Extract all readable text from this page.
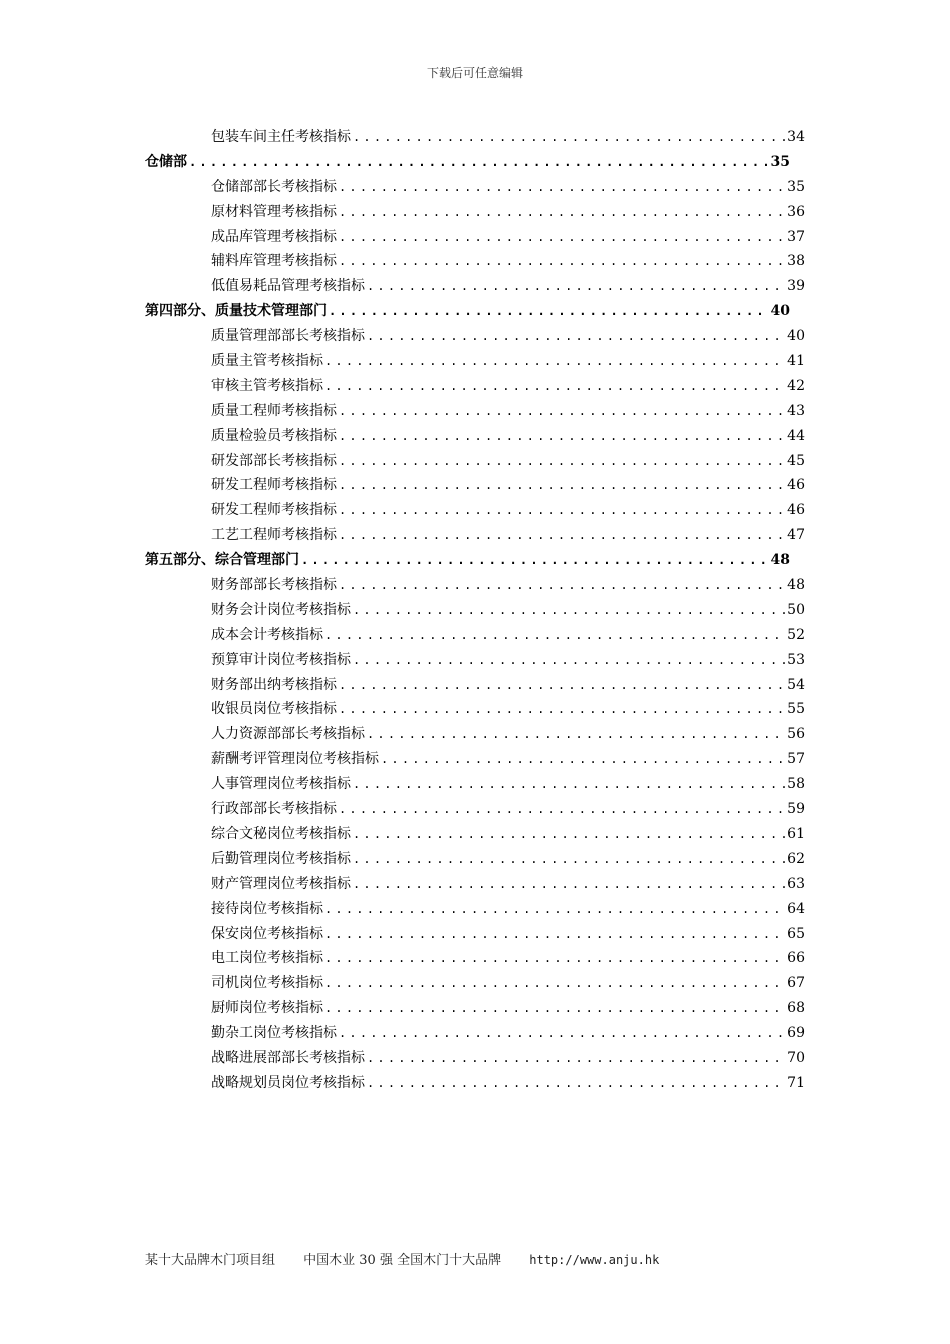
下载后可任意编辑
包装车间主任考核指标 .....	34
仓储部 .....	35
仓储部部长考核指标 .....	35
原材料管理考核指标 .....	36
成品库管理考核指标 .....	37
辅料库管理考核指标 .....	38
低值易耗品管理考核指标 .....	39
第四部分、质量技术管理部门 .....	40
质量管理部部长考核指标 .....	40
质量主管考核指标 .....	41
审核主管考核指标 .....	42
质量工程师考核指标 .....	43
质量检验员考核指标 .....	44
研发部部长考核指标 .....	45
研发工程师考核指标 .....	46
研发工程师考核指标 .....	46
工艺工程师考核指标 .....	47
第五部分、综合管理部门 .....	48
财务部部长考核指标 .....	48
财务会计岗位考核指标 .....	50
成本会计考核指标 .....	52
预算审计岗位考核指标 .....	53
财务部出纳考核指标 .....	54
收银员岗位考核指标 .....	55
人力资源部部长考核指标 .....	56
薪酬考评管理岗位考核指标 .....	57
人事管理岗位考核指标 .....	58
行政部部长考核指标 .....	59
综合文秘岗位考核指标 .....	61
后勤管理岗位考核指标 .....	62
财产管理岗位考核指标 .....	63
接待岗位考核指标 .....	64
保安岗位考核指标 .....	65
电工岗位考核指标 .....	66
司机岗位考核指标 .....	67
厨师岗位考核指标 .....	68
勤杂工岗位考核指标 .....	69
战略进展部部长考核指标 .....	70
战略规划员岗位考核指标 .....	71
某十大品牌木门项目组 中国木业 30 强 全国木门十大品牌 http://www.anju.hk
